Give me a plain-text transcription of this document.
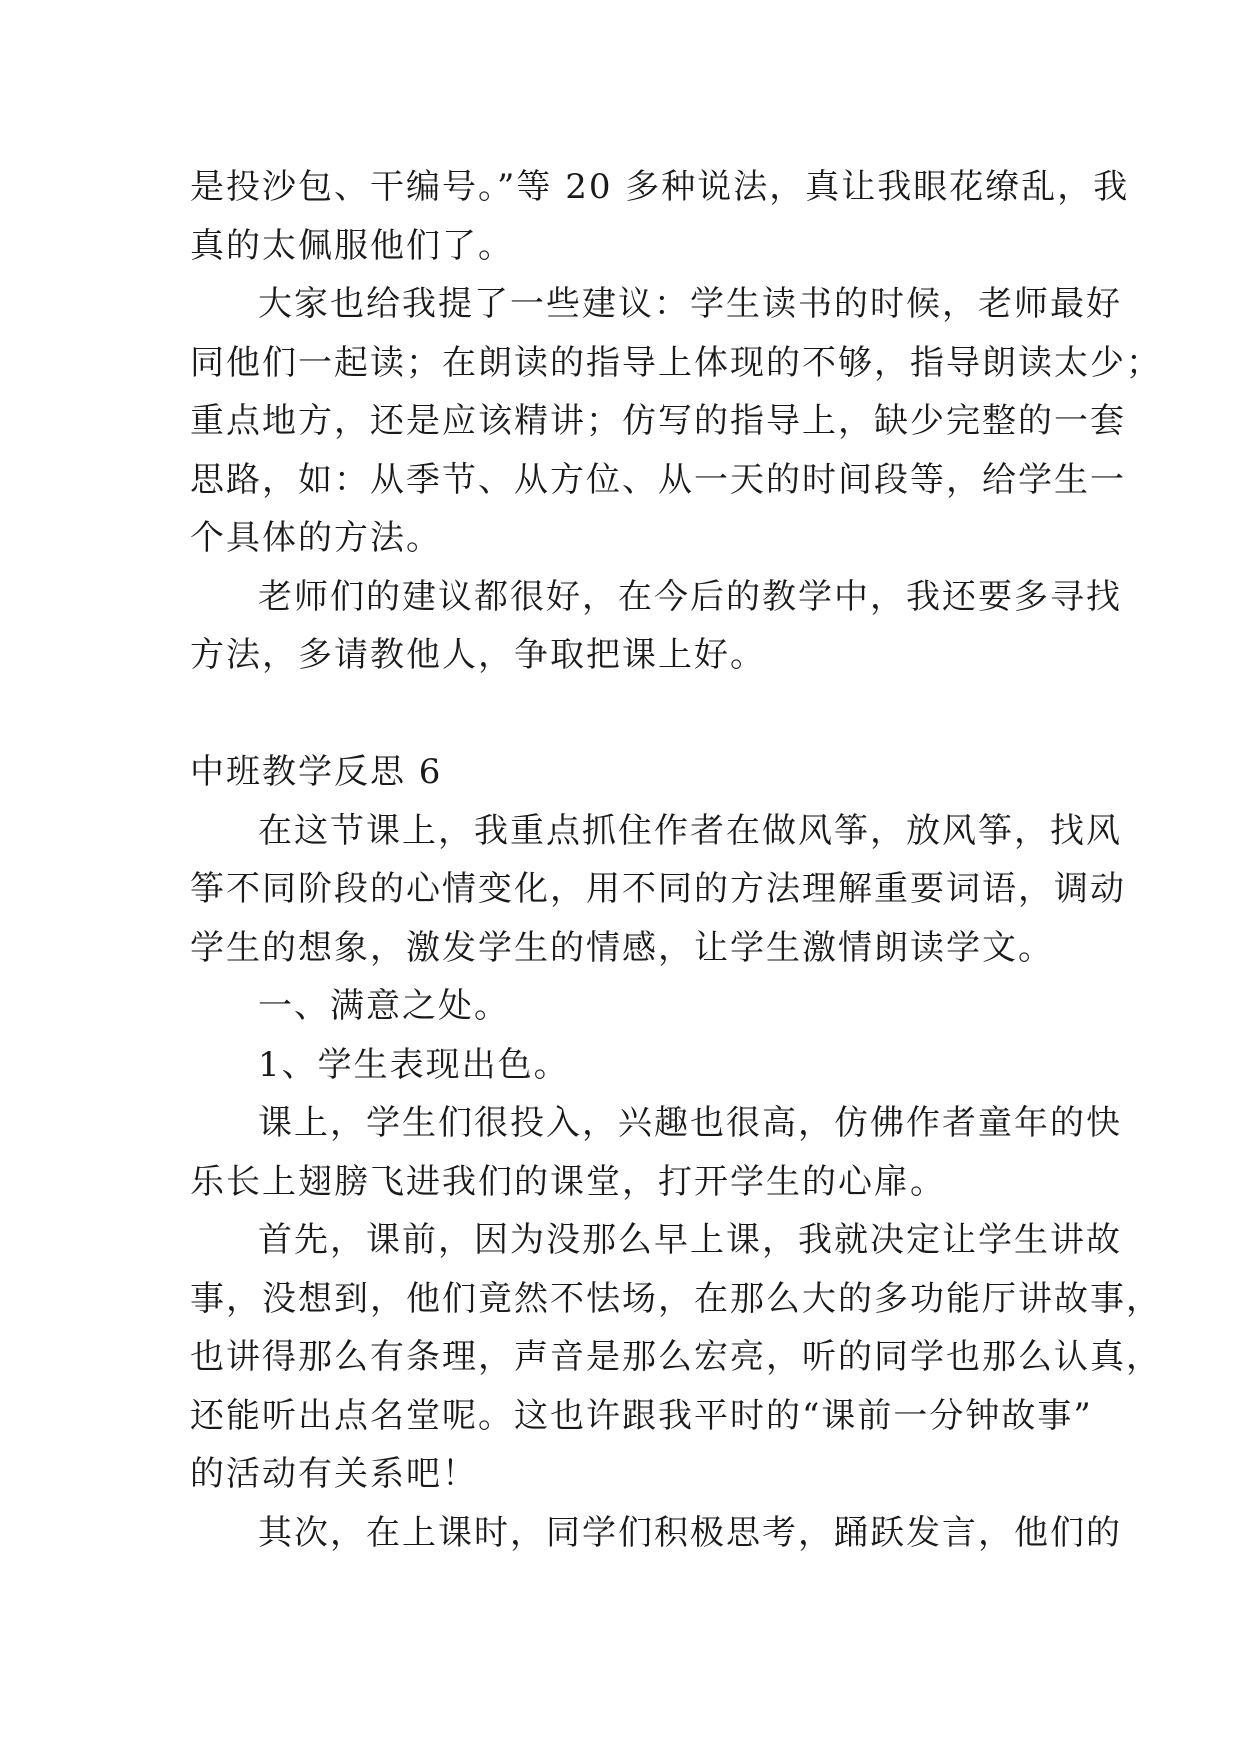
是投沙包、干编号。”等 20 多种说法，真让我眼花缭乱，我

真的太佩服他们了。

大家也给我提了一些建议：学生读书的时候，老师最好

同他们一起读；在朗读的指导上体现的不够，指导朗读太少；

重点地方，还是应该精讲；仿写的指导上，缺少完整的一套

思路，如：从季节、从方位、从一天的时间段等，给学生一

个具体的方法。

老师们的建议都很好，在今后的教学中，我还要多寻找

方法，多请教他人，争取把课上好。

中班教学反思 6

在这节课上，我重点抓住作者在做风筝，放风筝，找风

筝不同阶段的心情变化，用不同的方法理解重要词语，调动

学生的想象，激发学生的情感，让学生激情朗读学文。

一、满意之处。

1、学生表现出色。

课上，学生们很投入，兴趣也很高，仿佛作者童年的快

乐长上翅膀飞进我们的课堂，打开学生的心扉。

首先，课前，因为没那么早上课，我就决定让学生讲故

事，没想到，他们竟然不怯场，在那么大的多功能厅讲故事，

也讲得那么有条理，声音是那么宏亮，听的同学也那么认真，

还能听出点名堂呢。这也许跟我平时的“课前一分钟故事”

的活动有关系吧！

其次，在上课时，同学们积极思考，踊跃发言，他们的
